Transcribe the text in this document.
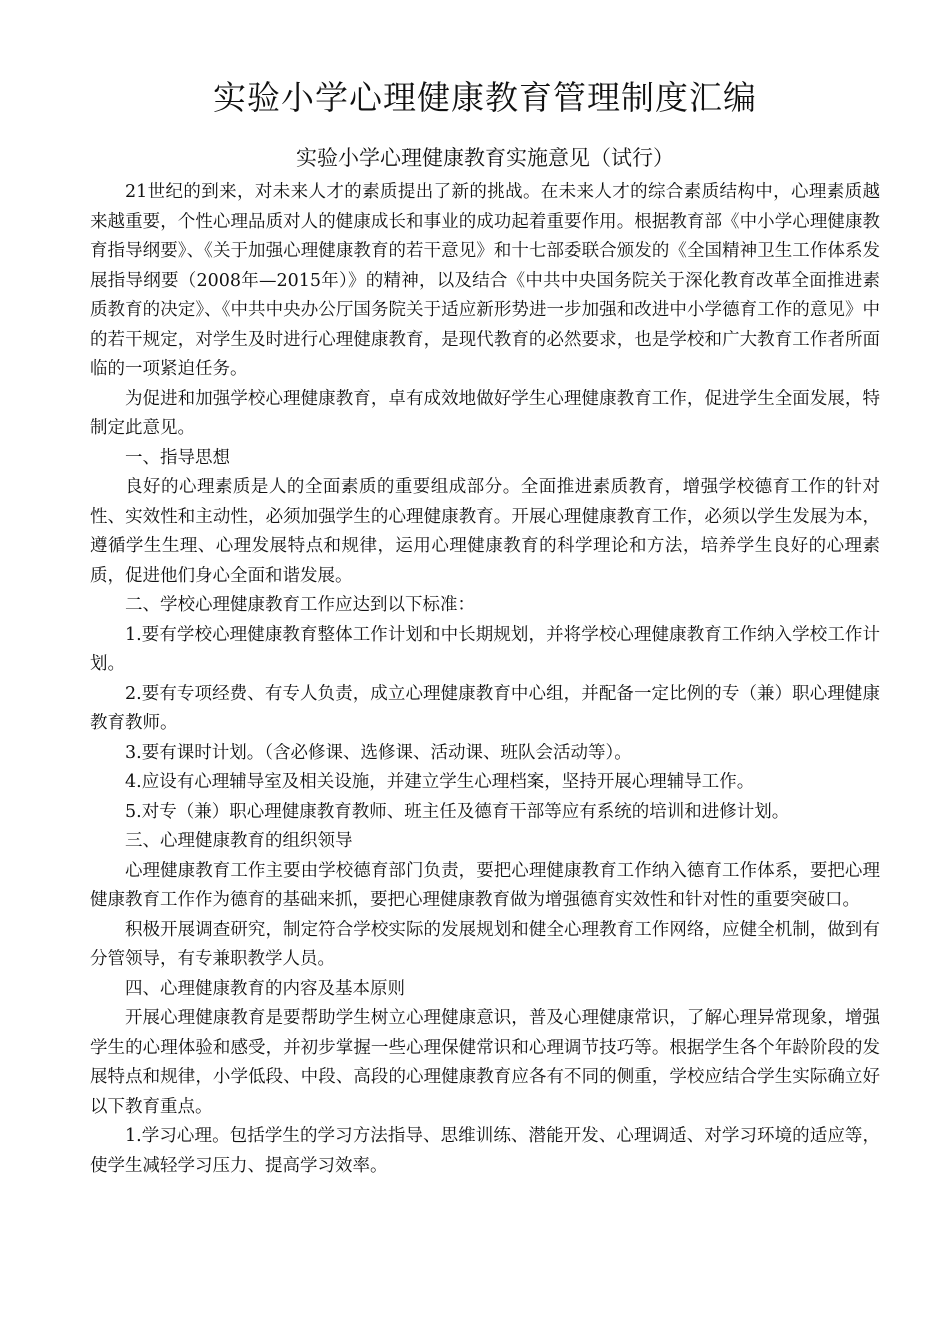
实验小学心理健康教育管理制度汇编
实验小学心理健康教育实施意见（试行）

21世纪的到来，对未来人才的素质提出了新的挑战。在未来人才的综合素质结构中，心理素质越来越重要，个性心理品质对人的健康成长和事业的成功起着重要作用。根据教育部《中小学心理健康教育指导纲要》、《关于加强心理健康教育的若干意见》和十七部委联合颁发的《全国精神卫生工作体系发展指导纲要（2008年—2015年）》的精神，以及结合《中共中央国务院关于深化教育改革全面推进素质教育的决定》、《中共中央办公厅国务院关于适应新形势进一步加强和改进中小学德育工作的意见》中的若干规定，对学生及时进行心理健康教育，是现代教育的必然要求，也是学校和广大教育工作者所面临的一项紧迫任务。

为促进和加强学校心理健康教育，卓有成效地做好学生心理健康教育工作，促进学生全面发展，特制定此意见。

一、指导思想

良好的心理素质是人的全面素质的重要组成部分。全面推进素质教育，增强学校德育工作的针对性、实效性和主动性，必须加强学生的心理健康教育。开展心理健康教育工作，必须以学生发展为本，遵循学生生理、心理发展特点和规律，运用心理健康教育的科学理论和方法，培养学生良好的心理素质，促进他们身心全面和谐发展。

二、学校心理健康教育工作应达到以下标准：

1.要有学校心理健康教育整体工作计划和中长期规划，并将学校心理健康教育工作纳入学校工作计划。

2.要有专项经费、有专人负责，成立心理健康教育中心组，并配备一定比例的专（兼）职心理健康教育教师。

3.要有课时计划。（含必修课、选修课、活动课、班队会活动等）。

4.应设有心理辅导室及相关设施，并建立学生心理档案，坚持开展心理辅导工作。

5.对专（兼）职心理健康教育教师、班主任及德育干部等应有系统的培训和进修计划。

三、心理健康教育的组织领导

心理健康教育工作主要由学校德育部门负责，要把心理健康教育工作纳入德育工作体系，要把心理健康教育工作作为德育的基础来抓，要把心理健康教育做为增强德育实效性和针对性的重要突破口。

积极开展调查研究，制定符合学校实际的发展规划和健全心理教育工作网络，应健全机制，做到有分管领导，有专兼职教学人员。

四、心理健康教育的内容及基本原则

开展心理健康教育是要帮助学生树立心理健康意识，普及心理健康常识，了解心理异常现象，增强学生的心理体验和感受，并初步掌握一些心理保健常识和心理调节技巧等。根据学生各个年龄阶段的发展特点和规律，小学低段、中段、高段的心理健康教育应各有不同的侧重，学校应结合学生实际确立好以下教育重点。

1.学习心理。包括学生的学习方法指导、思维训练、潜能开发、心理调适、对学习环境的适应等，使学生减轻学习压力、提高学习效率。
